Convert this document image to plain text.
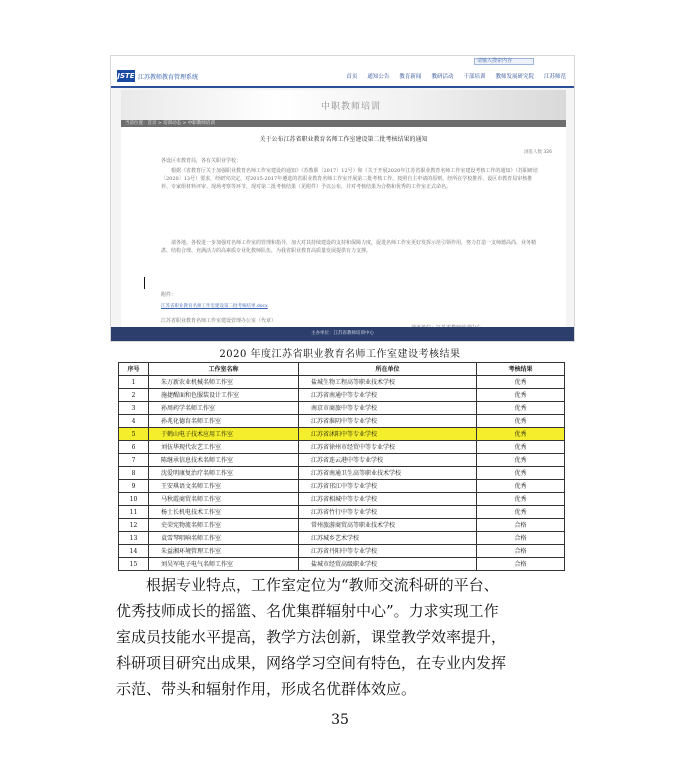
请输入搜索内容
JSTE 江苏教师教育管理系统	首页 通知公告 教育新闻 教研活动 干部培训 教师发展研究院 江苏师范
中职教师培训
当前位置：首页 > 培训动态 > 中职教师培训
关于公布江苏省职业教育名师工作室建设第二批考核结果的通知
浏览人数 326
各设区市教育局，各有关职业学校：
根据《省教育厅关于加强职业教育名师工作室建设的通知》（苏教职〔2017〕12号）和《关于开展2020年江苏省职业教育名师工作室建设考核工作的通知》（苏职研培〔2020〕13号）要求，经研究决定，对2015-2017年遴选的省职业教育名师工作室开展第二批考核工作。按照自主申请的原则，经所在学校推荐、设区市教育局审核推荐、专家组材料评审、现场考察等环节，现对第二批考核结果（见附件）予以公布，并对考核结果为合格和优秀的工作室正式命名。
请各地、各校进一步加强对名师工作室的管理和指导，加大对其持续建设的支持和保障力度，促进名师工作室更好发挥示范引领作用，努力打造一支师德高尚、业务精湛、结构合理、充满活力的高素质专业化教师队伍，为我省职业教育高质量发展提供有力支撑。
附件：
江苏省职业教育名师工作室建设第二批考核结果.docx
江苏省职业教育名师工作室建设管理办公室（代章）
主办单位：江苏省教师培训中心
2020 年度江苏省职业教育名师工作室建设考核结果
序号	工作室名称	所在单位	考核结果
1	朱万新农业机械名师工作室	盐城生物工程高等职业技术学校	优秀
2	施捷醒面和色服装设计工作室	江苏省南通中等专业学校	优秀
3	孙周药学名师工作室	南京市商旅中等专业学校	优秀
4	孙兆化德育名师工作室	江苏省淮阴中等专业学校	优秀
5	于鹤山电子技术应用工作室	江苏省沭阳中等专业学校	优秀
6	刘伍华现代农艺工作室	江苏省徐州市经贸中等专业学校	优秀
7	陈继承信息技术名师工作室	江苏省连云港中等专业学校	优秀
8	沈爱明康复治疗名师工作室	江苏省南通卫生高等职业技术学校	优秀
9	王安琪语文名师工作室	江苏省邗江中等专业学校	优秀
10	马秋霞商贸名师工作室	江苏省相城中等专业学校	优秀
11	杨士长机电技术工作室	江苏省竹行中等专业学校	优秀
12	史荣宪物流名师工作室	常州旅游商贸高等职业技术学校	合格
13	袁雪琴唱响名师工作室	江苏城乡艺术学校	合格
14	朱益湘环境管理工作室	江苏省丹阳中等专业学校	合格
15	刘吴军电子电气名师工作室	盐城市经贸高级职业学校	合格
根据专业特点，工作室定位为“教师交流科研的平台、
优秀技师成长的摇篮、名优集群辐射中心”。力求实现工作
室成员技能水平提高，教学方法创新，课堂教学效率提升，
科研项目研究出成果，网络学习空间有特色，在专业内发挥
示范、带头和辐射作用，形成名优群体效应。
35
